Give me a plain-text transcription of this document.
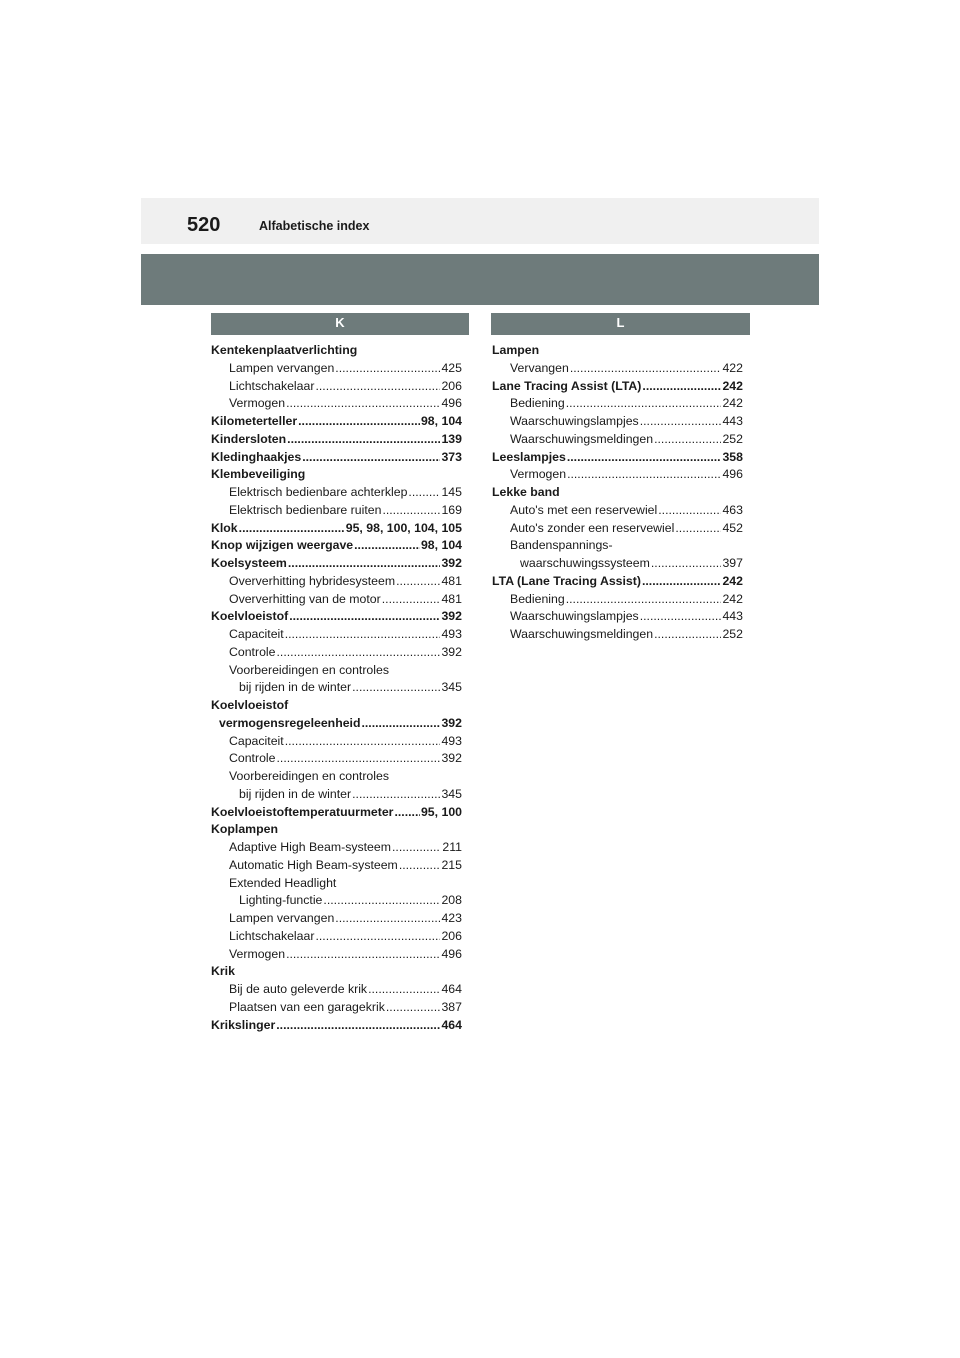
520	Alfabetische index
K	L
Kentekenplaatverlichting
Lampen vervangen .....	425
Lichtschakelaar .....	206
Vermogen .....	496
Kilometerteller .....	98, 104
Kindersloten .....	139
Kledinghaakjes .....	373
Klembeveiliging
Elektrisch bedienbare achterklep .....	145
Elektrisch bedienbare ruiten .....	169
Klok .....	95, 98, 100, 104, 105
Knop wijzigen weergave .....	98, 104
Koelsysteem .....	392
Oververhitting hybridesysteem .....	481
Oververhitting van de motor .....	481
Koelvloeistof .....	392
Capaciteit .....	493
Controle .....	392
Voorbereidingen en controles
bij rijden in de winter .....	345
Koelvloeistof
vermogensregeleenheid .....	392
Capaciteit .....	493
Controle .....	392
Voorbereidingen en controles
bij rijden in de winter .....	345
Koelvloeistoftemperatuurmeter ..... 95, 100
Koplampen
Adaptive High Beam-systeem .....	211
Automatic High Beam-systeem .....	215
Extended Headlight
Lighting-functie .....	208
Lampen vervangen .....	423
Lichtschakelaar .....	206
Vermogen .....	496
Krik
Bij de auto geleverde krik .....	464
Plaatsen van een garagekrik .....	387
Krikslinger .....	464
Lampen
Vervangen .....	422
Lane Tracing Assist (LTA) .....	242
Bediening .....	242
Waarschuwingslampjes .....	443
Waarschuwingsmeldingen .....	252
Leeslampjes .....	358
Vermogen .....	496
Lekke band
Auto's met een reservewiel .....	463
Auto's zonder een reservewiel .....	452
Bandenspannings-
waarschuwingssysteem .....	397
LTA (Lane Tracing Assist) .....	242
Bediening .....	242
Waarschuwingslampjes .....	443
Waarschuwingsmeldingen .....	252
